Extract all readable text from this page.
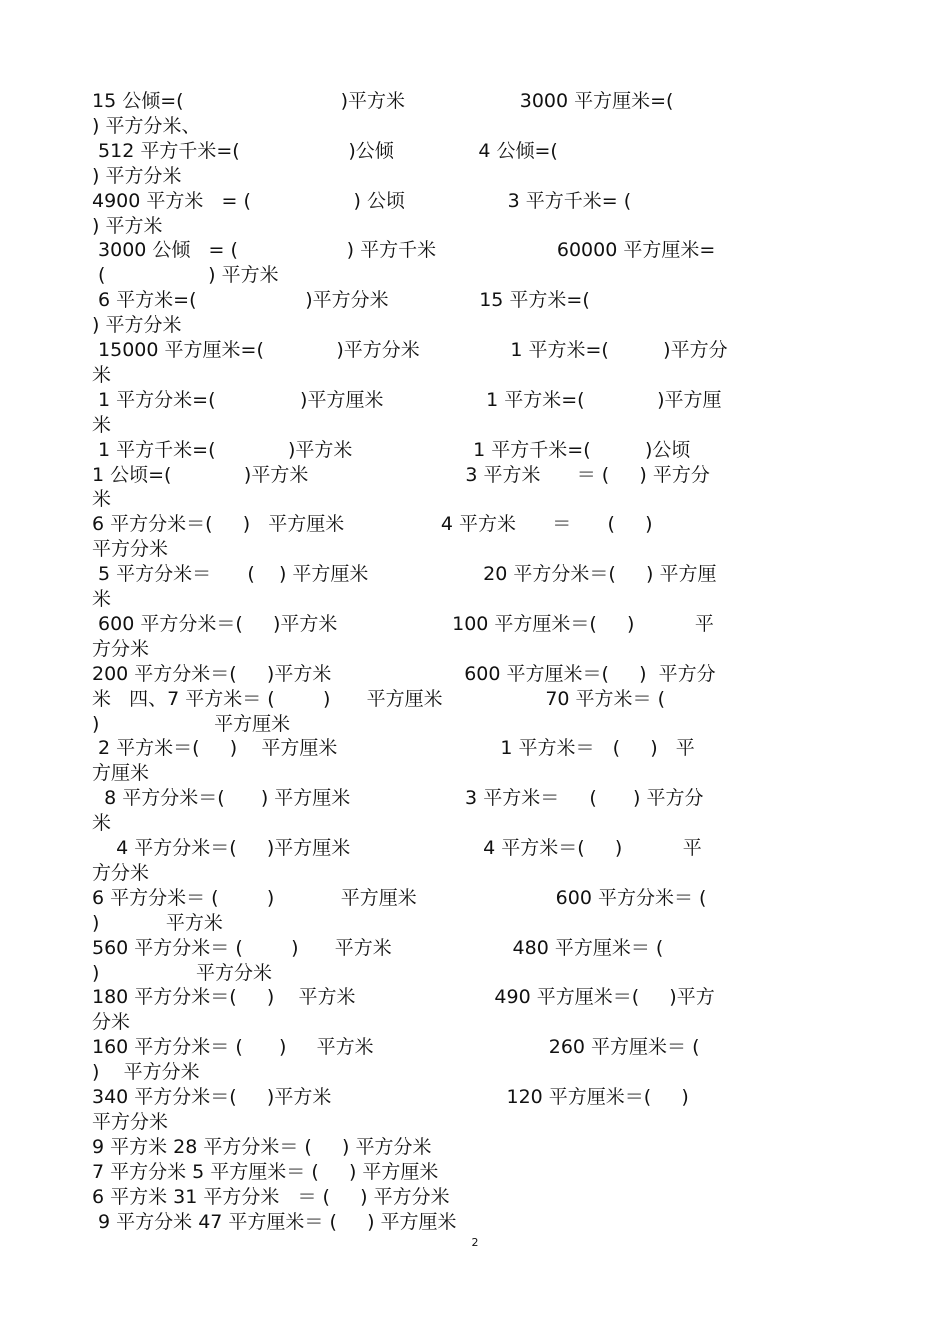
15 公倾=(                          )平方米                   3000 平方厘米=(
) 平方分米、
512 平方千米=(                  )公倾              4 公倾=(
) 平方分米
4900 平方米   = (                 ) 公顷                 3 平方千米= (
) 平方米
3000 公倾   = (                  ) 平方千米                    60000 平方厘米=
(                 ) 平方米
6 平方米=(                  )平方分米               15 平方米=(
) 平方分米
15000 平方厘米=(            )平方分米               1 平方米=(         )平方分
米
1 平方分米=(              )平方厘米                 1 平方米=(            )平方厘
米
1 平方千米=(            )平方米                    1 平方千米=(         )公顷
1 公顷=(            )平方米                          3 平方米      ＝ (     ) 平方分
米
6 平方分米＝(     )   平方厘米                4 平方米      ＝      (     )
平方分米
5 平方分米＝      (    ) 平方厘米                   20 平方分米＝(     ) 平方厘
米
600 平方分米＝(     )平方米                   100 平方厘米＝(     )          平
方分米
200 平方分米＝(     )平方米                      600 平方厘米＝(     )  平方分
米   四、7 平方米＝ (        )      平方厘米                 70 平方米＝ (
)                   平方厘米
2 平方米＝(     )    平方厘米                           1 平方米＝   (     )   平
方厘米
8 平方分米＝(      ) 平方厘米                   3 平方米＝     (      ) 平方分
米
4 平方分米＝(     )平方厘米                      4 平方米＝(     )          平
方分米
6 平方分米＝ (        )           平方厘米                       600 平方分米＝ (
)           平方米
560 平方分米＝ (        )      平方米                    480 平方厘米＝ (
)                平方分米
180 平方分米＝(     )    平方米                       490 平方厘米＝(     )平方
分米
160 平方分米＝ (      )     平方米                             260 平方厘米＝ (
)    平方分米
340 平方分米＝(     )平方米                             120 平方厘米＝(     )
平方分米
9 平方米 28 平方分米＝ (     ) 平方分米
7 平方分米 5 平方厘米＝ (     ) 平方厘米
6 平方米 31 平方分米   ＝ (     ) 平方分米
9 平方分米 47 平方厘米＝ (     ) 平方厘米
2
